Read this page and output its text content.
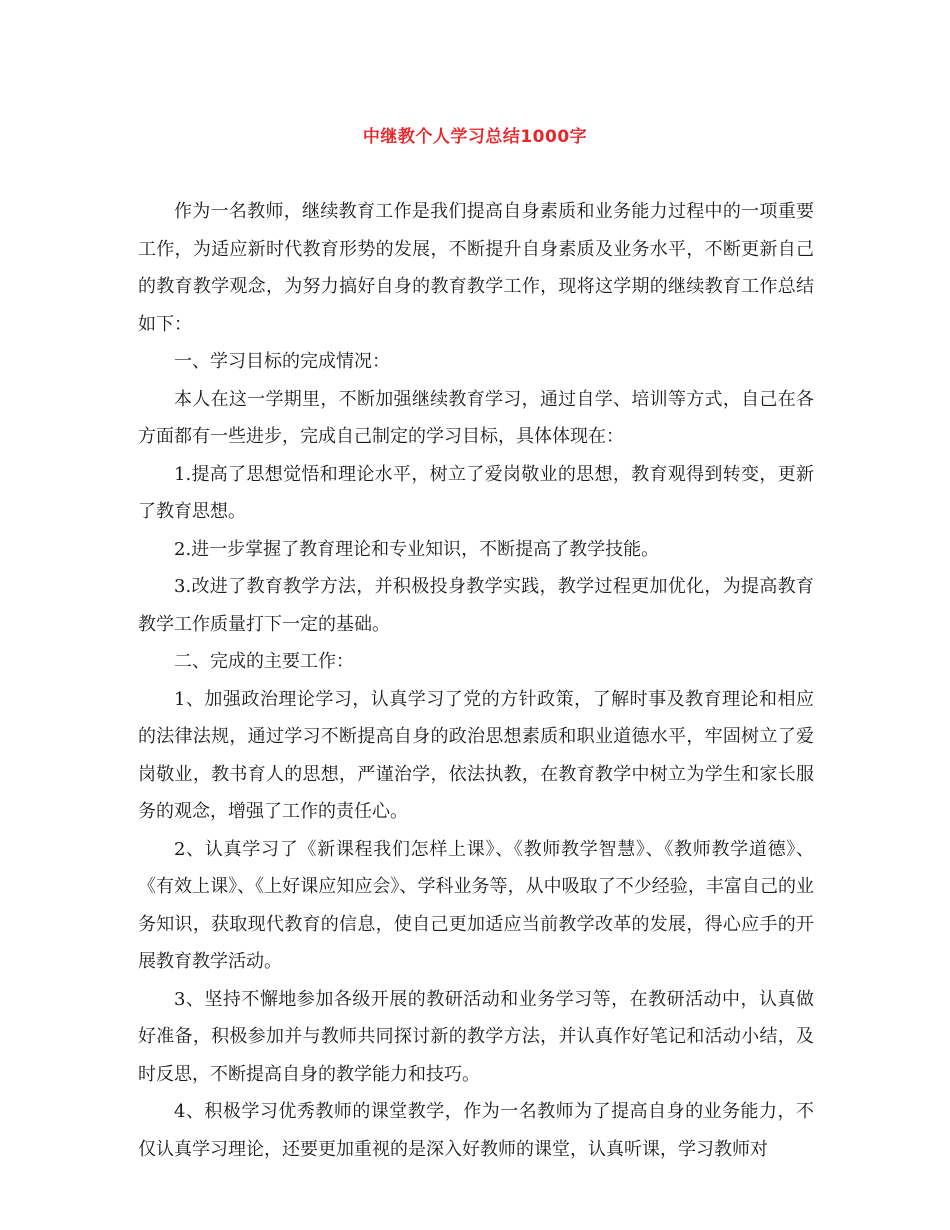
中继教个人学习总结1000字

作为一名教师，继续教育工作是我们提高自身素质和业务能力过程中的一项重要工作，为适应新时代教育形势的发展，不断提升自身素质及业务水平，不断更新自己的教育教学观念，为努力搞好自身的教育教学工作，现将这学期的继续教育工作总结如下：

一、学习目标的完成情况：

本人在这一学期里，不断加强继续教育学习，通过自学、培训等方式，自己在各方面都有一些进步，完成自己制定的学习目标，具体体现在：

1.提高了思想觉悟和理论水平，树立了爱岗敬业的思想，教育观得到转变，更新了教育思想。

2.进一步掌握了教育理论和专业知识，不断提高了教学技能。

3.改进了教育教学方法，并积极投身教学实践，教学过程更加优化，为提高教育教学工作质量打下一定的基础。

二、完成的主要工作：

1、加强政治理论学习，认真学习了党的方针政策，了解时事及教育理论和相应的法律法规，通过学习不断提高自身的政治思想素质和职业道德水平，牢固树立了爱岗敬业，教书育人的思想，严谨治学，依法执教，在教育教学中树立为学生和家长服务的观念，增强了工作的责任心。

2、认真学习了《新课程我们怎样上课》、《教师教学智慧》、《教师教学道德》、《有效上课》、《上好课应知应会》、学科业务等，从中吸取了不少经验，丰富自己的业务知识，获取现代教育的信息，使自己更加适应当前教学改革的发展，得心应手的开展教育教学活动。

3、坚持不懈地参加各级开展的教研活动和业务学习等，在教研活动中，认真做好准备，积极参加并与教师共同探讨新的教学方法，并认真作好笔记和活动小结，及时反思，不断提高自身的教学能力和技巧。

4、积极学习优秀教师的课堂教学，作为一名教师为了提高自身的业务能力，不仅认真学习理论，还要更加重视的是深入好教师的课堂，认真听课，学习教师对
